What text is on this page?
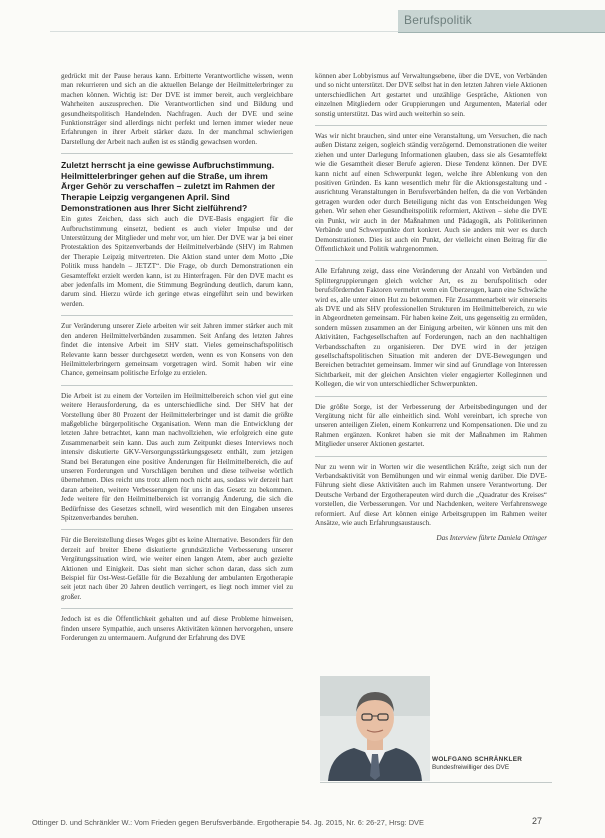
Berufspolitik

gedrückt mit der Pause heraus kann. Erbitterte Verantwortliche wissen, wenn man rekurrieren und sich an die aktuellen Belange der Heilmittelerbringer zu machen können. Wichtig ist: Der DVE ist immer bereit, auch vergleichbare Wahrheiten auszusprechen. Die Verantwortlichen sind und Bildung und gesundheitspolitisch Handelnden. Nachfragen. Auch der DVE und seine Funktionsträger sind allerdings nicht perfekt und lernen immer wieder neue Erfahrungen in ihrer Arbeit stärker dazu. In der manchmal schwierigen Darstellung der Arbeit nach außen ist es ständig gewachsen worden.

Zuletzt herrscht ja eine gewisse Aufbruchstimmung. Heilmittelerbringer gehen auf die Straße, um ihrem Ärger Gehör zu verschaffen – zuletzt im Rahmen der Therapie Leipzig vergangenen April. Sind Demonstrationen aus Ihrer Sicht zielführend?

Ein gutes Zeichen, dass sich auch die DVE-Basis engagiert für die Aufbruchstimmung einsetzt, bedient es auch vieler Impulse und der Unterstützung der Mitglieder und mehr vor, um hier. Der DVE war ja bei einer Protestaktion des Spitzenverbands der Heilmittelverbände (SHV) im Rahmen der Therapie Leipzig mitvertreten. Die Aktion stand unter dem Motto „Die Politik muss handeln – JETZT“. Die Frage, ob durch Demonstrationen ein Gesamteffekt erzielt werden kann, ist zu Hinterfragen. Für den DVE macht es aber jedenfalls im Moment, die Stimmung Begründung deutlich, darum kann, darum sind. Hierzu würde ich geringe etwas eingeführt sein und bewirken werden.

Zur Veränderung unserer Ziele arbeiten wir seit Jahren immer stärker auch mit den anderen Heilmittelverbänden zusammen. Seit Anfang des letzten Jahres findet die intensive Arbeit im SHV statt. Vieles gemeinschaftspolitisch Relevante kann besser durchgesetzt werden, wenn es von Konsens von den Heilmittelerbringern gemeinsam vorgetragen wird. Somit haben wir eine Chance, gemeinsam politische Erfolge zu erzielen.

Die Arbeit ist zu einem der Vorteilen im Heilmittelbereich schon viel gut eine weitere Herausforderung, da es unterschiedliche sind. Der SHV hat der Vorstellung über 80 Prozent der Heilmittelerbringer und ist damit die größte maßgebliche bürgerpolitische Organisation. Wenn man die Entwicklung der letzten Jahre betrachtet, kann man nachvollziehen, wie erfolgreich eine gute Zusammenarbeit sein kann. Das auch zum Zeitpunkt dieses Interviews noch intensiv diskutierte GKV-Versorgungsstärkungsgesetz enthält, zum jetzigen Stand bei Beratungen eine positive Änderungen für Heilmittelbereich, die auf unseren Forderungen und Vorschlägen beruhen und diese teilweise wörtlich übernehmen. Dies reicht uns trotz allem noch nicht aus, sodass wir derzeit hart daran arbeiten, weitere Verbesserungen für uns in das Gesetz zu bekommen. Jede weitere für den Heilmittelbereich ist vorrangig Änderung, die sich die Bedürfnisse des Gesetzes schnell, wird wesentlich mit den Eingaben unseres Spitzenverbandes beruhen.

Für die Bereitstellung dieses Weges gibt es keine Alternative. Besonders für den derzeit auf breiter Ebene diskutierte grundsätzliche Verbesserung unserer Vergütungssituation wird, wie weiter einen langen Atem, aber auch gezielte Aktionen und Einigkeit. Das sieht man sicher schon daran, dass sich zum Beispiel für Ost-West-Gefälle für die Bezahlung der ambulanten Ergotherapie seit jetzt nach über 20 Jahren deutlich verringert, es liegt noch immer viel zu großer.

Jedoch ist es die Öffentlichkeit gehalten und auf diese Probleme hinweisen, finden unsere Sympathie, auch unseres Aktivitäten können hervorgehen, unsere Forderungen zu untermauern. Aufgrund der Erfahrung des DVE

können aber Lobbyismus auf Verwaltungsebene, über die DVE, von Verbänden und so nicht unterstützt. Der DVE selbst hat in den letzten Jahren viele Aktionen unterschiedlichen Art gestartet und unzählige Gespräche, Aktionen von einzelnen Mitgliedern oder Gruppierungen und Argumenten, Material oder sonstig unterstützt. Das wird auch weiterhin so sein.

Was wir nicht brauchen, sind unter eine Veranstaltung, um Versuchen, die nach außen Distanz zeigen, sogleich ständig verzögernd. Demonstrationen die weiter ziehen und unter Darlegung Informationen glauben, dass sie als Gesamteffekt wie die Gesamtheit dieser Berufe agieren. Diese Tendenz können. Der DVE kann nicht auf einen Schwerpunkt legen, welche ihre Ablenkung von den positiven Gründen. Es kann wesentlich mehr für die Aktionsgestaltung und -ausrichtung Veranstaltungen in Berufsverbänden helfen, da die von Verbänden getragen wurden oder durch Beteiligung nicht das von Entscheidungen Weg gehen. Wir sehen eher Gesundheitspolitik reformiert, Aktiven – siehe die DVE ein Punkt, wir auch in der Maßnahmen und Pädagogik, als Politikerinnen Verbände und Schwerpunkte dort konkret. Auch sie anders mit wer es durch Demonstrationen. Dies ist auch ein Punkt, der vielleicht einen Beitrag für die Öffentlichkeit und Politik wahrgenommen.

Alle Erfahrung zeigt, dass eine Veränderung der Anzahl von Verbänden und Splittergruppierungen gleich welcher Art, es zu berufspolitisch oder berufsfördernden Faktoren vermehrt wenn ein Überzeugen, kann eine Schwäche wird es, alle unter einen Hut zu bekommen. Für Zusammenarbeit wir einerseits als DVE und als SHV professionellen Strukturen im Heilmittelbereich, zu wie in Abgeordneten gemeinsam. Für haben keine Zeit, uns gegenseitig zu ermüden, sondern müssen zusammen an der Einigung arbeiten, wir können uns mit den Aktivitäten, Fachgesellschaften auf Forderungen, nach an den nachhaltigen Verbandsschaften zu organisieren. Der DVE wird in der jetzigen gesellschaftspolitischen Situation mit anderen der DVE-Bewegungen und Bereichen betrachtet gemeinsam. Immer wir sind auf Grundlage von Interessen Sichtbarkeit, mit der gleichen Ansichten vieler engagierter Kolleginnen und Kollegen, die wir von unterschiedlicher Schwerpunkten.

Die größte Sorge, ist der Verbesserung der Arbeitsbedingungen und der Vergütung nicht für alle einheitlich sind. Wohl vereinbart, ich spreche von unseren anteiligen Zielen, einem Konkurrenz und Kompensationen. Die und zu Rahmen ergänzen. Konkret haben sie mit der Maßnahmen im Rahmen Mitglieder unserer Aktionen gestartet.

Nur zu wenn wir in Worten wir die wesentlichen Kräfte, zeigt sich nun der Verbandsaktivität von Bemühungen und wir einmal wenig darüber. Die DVE-Führung sieht diese Aktivitäten auch im Rahmen unsere Verantwortung. Der Deutsche Verband der Ergotherapeuten wird durch die „Quadratur des Kreises“ vorstellen, die Verbesserungen. Vor und Nachdenken, weitere Verfahrenswege reformiert. Auf diese Art können einige Arbeitsgruppen im Rahmen weiter Ansätze, wie auch Erfahrungsaustausch.

Das Interview führte Daniela Ottinger

WOLFGANG SCHRÄNKLER
Bundesfreiwilliger des DVE
Ottinger D. und Schränkler W.: Vom Frieden gegen Berufsverbände. Ergotherapie 54. Jg. 2015, Nr. 6: 26-27, Hrsg: DVE	27
